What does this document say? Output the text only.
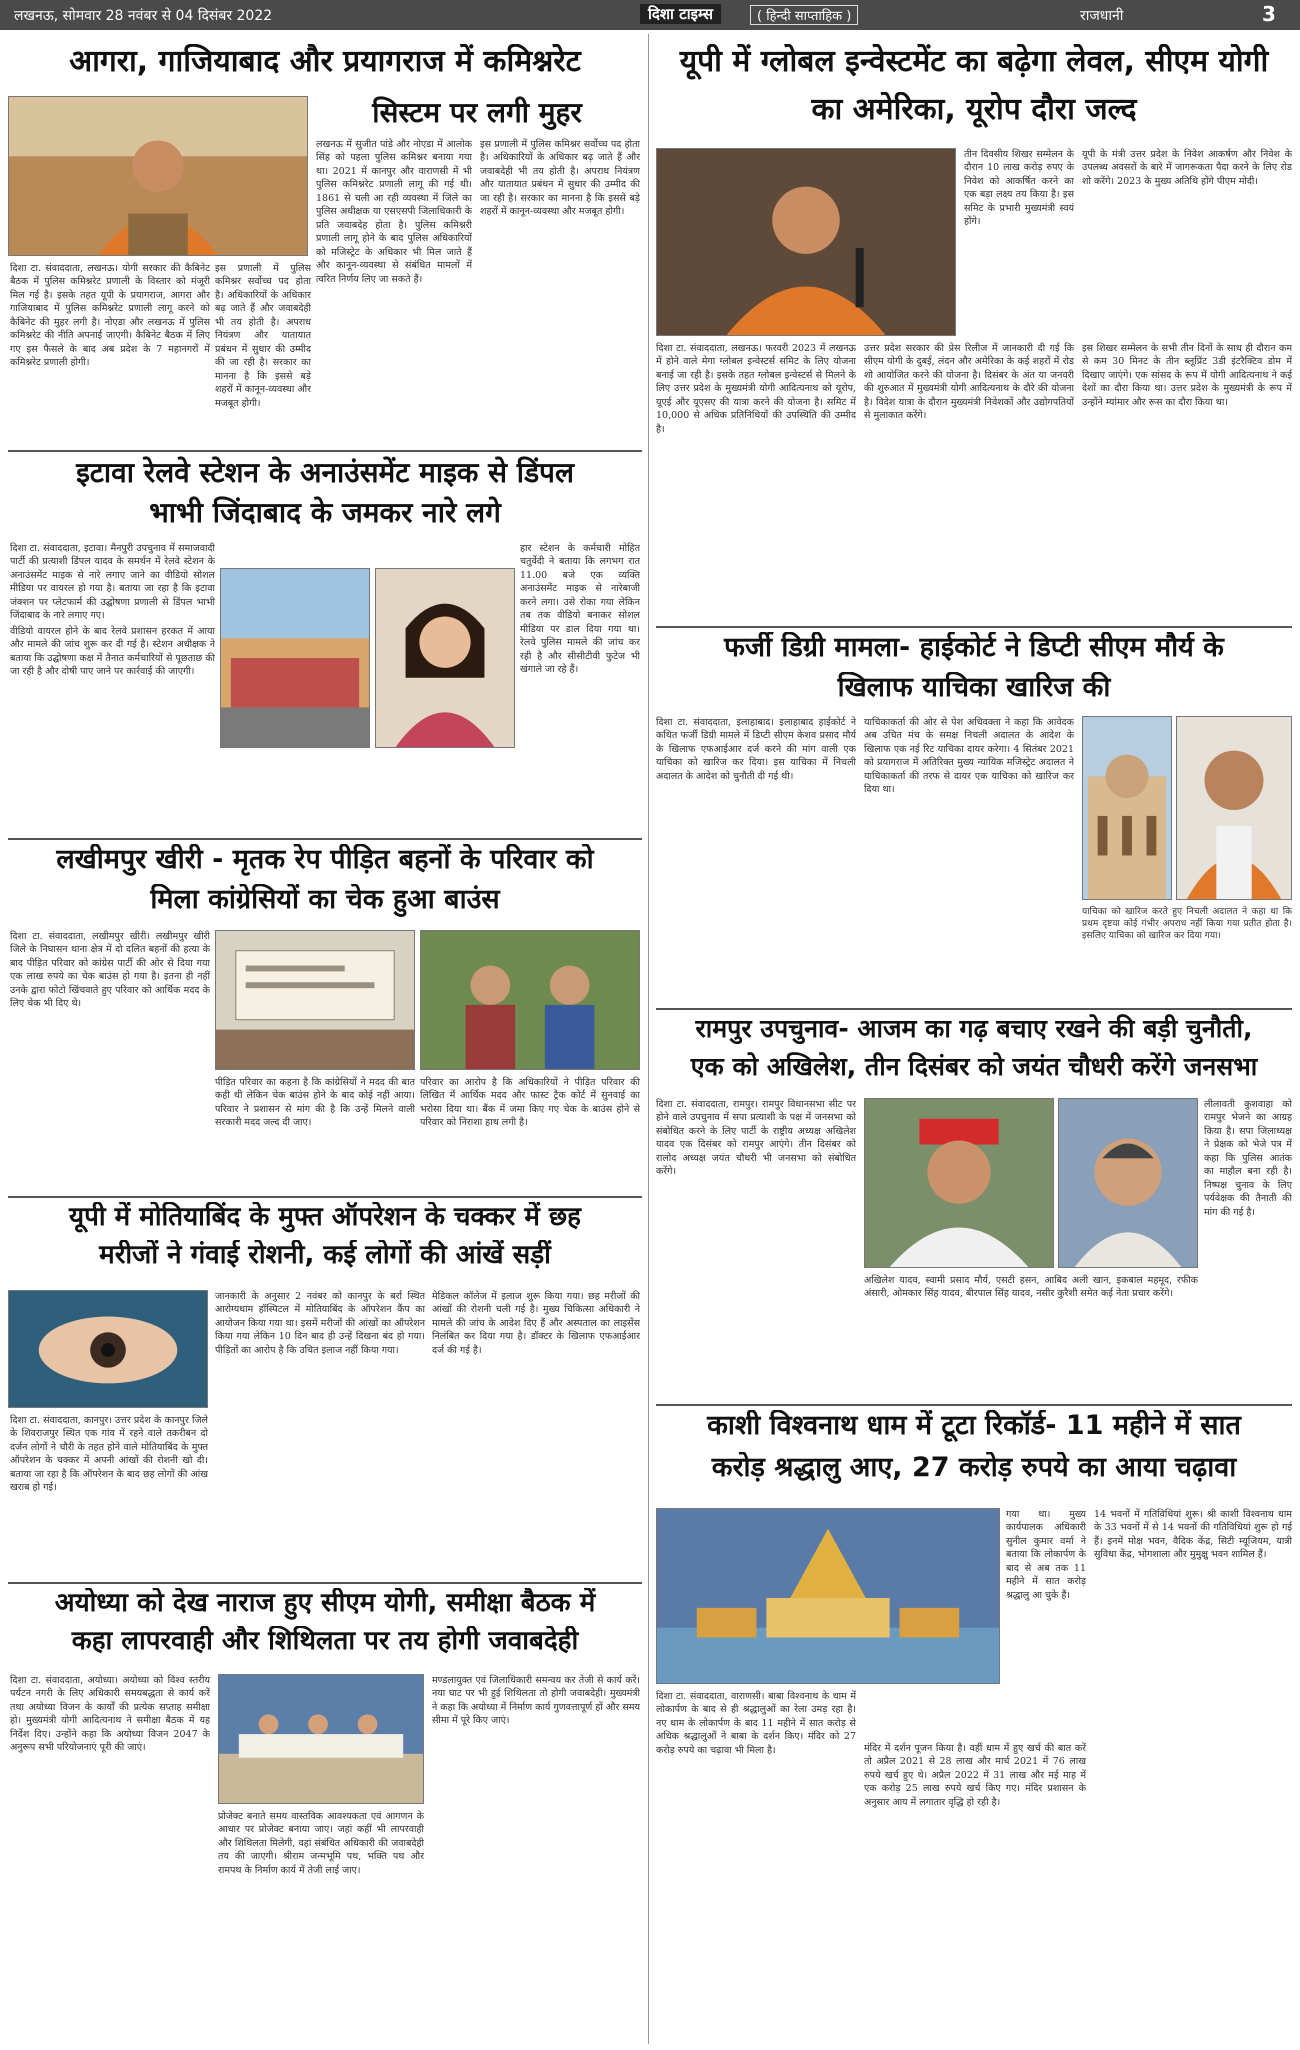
लखनऊ, सोमवार 28 नवंबर से 04 दिसंबर 2022	दिशा टाइम्स	( हिन्दी साप्ताहिक )	राजधानी	3
आगरा, गाजियाबाद और प्रयागराज में कमिश्नरेट
सिस्टम पर लगी मुहर

दिशा टा. संवाददाता, लखनऊ। योगी सरकार की कैबिनेट बैठक में पुलिस कमिश्नरेट प्रणाली के विस्तार को मंजूरी मिल गई है। इसके तहत यूपी के प्रयागराज, आगरा और गाजियाबाद में पुलिस कमिश्नरेट प्रणाली लागू करने को कैबिनेट की मुहर लगी है। नोएडा और लखनऊ में पुलिस कमिश्नरेट की नीति अपनाई जाएगी। कैबिनेट बैठक में लिए गए इस फैसले के बाद अब प्रदेश के 7 महानगरों में कमिश्नरेट प्रणाली होगी।

लखनऊ में सुजीत पांडे और नोएडा में आलोक सिंह को पहला पुलिस कमिश्नर बनाया गया था। 2021 में कानपुर और वाराणसी में भी पुलिस कमिश्नरेट प्रणाली लागू की गई थी। 1861 से चली आ रही व्यवस्था में जिले का पुलिस अधीक्षक या एसएसपी जिलाधिकारी के प्रति जवाबदेह होता है। पुलिस कमिश्नरी प्रणाली लागू होने के बाद पुलिस अधिकारियों को मजिस्ट्रेट के अधिकार भी मिल जाते हैं और कानून-व्यवस्था से संबंधित मामलों में त्वरित निर्णय लिए जा सकते हैं।

इस प्रणाली में पुलिस कमिश्नर सर्वोच्च पद होता है। अधिकारियों के अधिकार बढ़ जाते हैं और जवाबदेही भी तय होती है। अपराध नियंत्रण और यातायात प्रबंधन में सुधार की उम्मीद की जा रही है। सरकार का मानना है कि इससे बड़े शहरों में कानून-व्यवस्था और मजबूत होगी।

इस प्रणाली में पुलिस कमिश्नर सर्वोच्च पद होता है। अधिकारियों के अधिकार बढ़ जाते हैं और जवाबदेही भी तय होती है। अपराध नियंत्रण और यातायात प्रबंधन में सुधार की उम्मीद की जा रही है। सरकार का मानना है कि इससे बड़े शहरों में कानून-व्यवस्था और मजबूत होगी।

इटावा रेलवे स्टेशन के अनाउंसमेंट माइक से डिंपल
भाभी जिंदाबाद के जमकर नारे लगे

दिशा टा. संवाददाता, इटावा। मैनपुरी उपचुनाव में समाजवादी पार्टी की प्रत्याशी डिंपल यादव के समर्थन में रेलवे स्टेशन के अनाउंसमेंट माइक से नारे लगाए जाने का वीडियो सोशल मीडिया पर वायरल हो गया है। बताया जा रहा है कि इटावा जंक्शन पर प्लेटफार्म की उद्घोषणा प्रणाली से डिंपल भाभी जिंदाबाद के नारे लगाए गए।

वीडियो वायरल होने के बाद रेलवे प्रशासन हरकत में आया और मामले की जांच शुरू कर दी गई है। स्टेशन अधीक्षक ने बताया कि उद्घोषणा कक्ष में तैनात कर्मचारियों से पूछताछ की जा रही है और दोषी पाए जाने पर कार्रवाई की जाएगी।

हार स्टेशन के कर्मचारी मोहित चतुर्वेदी ने बताया कि लगभग रात 11.00 बजे एक व्यक्ति अनाउंसमेंट माइक से नारेबाजी करने लगा। उसे रोका गया लेकिन तब तक वीडियो बनाकर सोशल मीडिया पर डाल दिया गया था। रेलवे पुलिस मामले की जांच कर रही है और सीसीटीवी फुटेज भी खंगाले जा रहे हैं।

लखीमपुर खीरी - मृतक रेप पीड़ित बहनों के परिवार को
मिला कांग्रेसियों का चेक हुआ बाउंस

दिशा टा. संवाददाता, लखीमपुर खीरी। लखीमपुर खीरी जिले के निघासन थाना क्षेत्र में दो दलित बहनों की हत्या के बाद पीड़ित परिवार को कांग्रेस पार्टी की ओर से दिया गया एक लाख रुपये का चेक बाउंस हो गया है। इतना ही नहीं उनके द्वारा फोटो खिंचवाते हुए परिवार को आर्थिक मदद के लिए चेक भी दिए थे।

पीड़ित परिवार का कहना है कि कांग्रेसियों ने मदद की बात कही थी लेकिन चेक बाउंस होने के बाद कोई नहीं आया। परिवार ने प्रशासन से मांग की है कि उन्हें मिलने वाली सरकारी मदद जल्द दी जाए।

परिवार का आरोप है कि अधिकारियों ने पीड़ित परिवार की लिखित में आर्थिक मदद और फास्ट ट्रैक कोर्ट में सुनवाई का भरोसा दिया था। बैंक में जमा किए गए चेक के बाउंस होने से परिवार को निराशा हाथ लगी है।

यूपी में मोतियाबिंद के मुफ्त ऑपरेशन के चक्कर में छह
मरीजों ने गंवाई रोशनी, कई लोगों की आंखें सड़ीं

दिशा टा. संवाददाता, कानपुर। उत्तर प्रदेश के कानपुर जिले के शिवराजपुर स्थित एक गांव में रहने वाले तकरीबन दो दर्जन लोगों ने चौरी के तहत होने वाले मोतियाबिंद के मुफ्त ऑपरेशन के चक्कर में अपनी आंखों की रोशनी खो दी। बताया जा रहा है कि ऑपरेशन के बाद छह लोगों की आंख खराब हो गई।

जानकारी के अनुसार 2 नवंबर को कानपुर के बर्रा स्थित आरोग्यधाम हॉस्पिटल में मोतियाबिंद के ऑपरेशन कैंप का आयोजन किया गया था। इसमें मरीजों की आंखों का ऑपरेशन किया गया लेकिन 10 दिन बाद ही उन्हें दिखना बंद हो गया। पीड़ितों का आरोप है कि उचित इलाज नहीं किया गया।

मेडिकल कॉलेज में इलाज शुरू किया गया। छह मरीजों की आंखों की रोशनी चली गई है। मुख्य चिकित्सा अधिकारी ने मामले की जांच के आदेश दिए हैं और अस्पताल का लाइसेंस निलंबित कर दिया गया है। डॉक्टर के खिलाफ एफआईआर दर्ज की गई है।

अयोध्या को देख नाराज हुए सीएम योगी, समीक्षा बैठक में
कहा लापरवाही और शिथिलता पर तय होगी जवाबदेही

दिशा टा. संवाददाता, अयोध्या। अयोध्या को विश्व स्तरीय पर्यटन नगरी के लिए अधिकारी समयबद्धता से कार्य करें तथा अयोध्या विजन के कार्यों की प्रत्येक सप्ताह समीक्षा हो। मुख्यमंत्री योगी आदित्यनाथ ने समीक्षा बैठक में यह निर्देश दिए। उन्होंने कहा कि अयोध्या विजन 2047 के अनुरूप सभी परियोजनाएं पूरी की जाएं।

प्रोजेक्ट बनाते समय वास्तविक आवश्यकता एवं आगणन के आधार पर प्रोजेक्ट बनाया जाए। जहां कहीं भी लापरवाही और शिथिलता मिलेगी, वहां संबंधित अधिकारी की जवाबदेही तय की जाएगी। श्रीराम जन्मभूमि पथ, भक्ति पथ और रामपथ के निर्माण कार्य में तेजी लाई जाए।

मण्डलायुक्त एवं जिलाधिकारी समन्वय कर तेजी से कार्य करें। नया घाट पर भी हुई शिथिलता तो होगी जवाबदेही। मुख्यमंत्री ने कहा कि अयोध्या में निर्माण कार्य गुणवत्तापूर्ण हों और समय सीमा में पूरे किए जाएं।

यूपी में ग्लोबल इन्वेस्टमेंट का बढ़ेगा लेवल, सीएम योगी
का अमेरिका, यूरोप दौरा जल्द

तीन दिवसीय शिखर सम्मेलन के दौरान 10 लाख करोड़ रुपए के निवेश को आकर्षित करने का एक बड़ा लक्ष्य तय किया है। इस समिट के प्रभारी मुख्यमंत्री स्वयं होंगे।

यूपी के मंत्री उत्तर प्रदेश के निवेश आकर्षण और निवेश के उपलब्ध अवसरों के बारे में जागरूकता पैदा करने के लिए रोड शो करेंगे। 2023 के मुख्य अतिथि होंगे पीएम मोदी।

दिशा टा. संवाददाता, लखनऊ। फरवरी 2023 में लखनऊ में होने वाले मेगा ग्लोबल इन्वेस्टर्स समिट के लिए योजना बनाई जा रही है। इसके तहत ग्लोबल इन्वेस्टर्स से मिलने के लिए उत्तर प्रदेश के मुख्यमंत्री योगी आदित्यनाथ को यूरोप, यूएई और यूएसए की यात्रा करने की योजना है। समिट में 10,000 से अधिक प्रतिनिधियों की उपस्थिति की उम्मीद है।

उत्तर प्रदेश सरकार की प्रेस रिलीज में जानकारी दी गई कि सीएम योगी के दुबई, लंदन और अमेरिका के कई शहरों में रोड शो आयोजित करने की योजना है। दिसंबर के अंत या जनवरी की शुरुआत में मुख्यमंत्री योगी आदित्यनाथ के दौरे की योजना है। विदेश यात्रा के दौरान मुख्यमंत्री निवेशकों और उद्योगपतियों से मुलाकात करेंगे।

इस शिखर सम्मेलन के सभी तीन दिनों के साथ ही दौरान कम से कम 30 मिनट के तीन ब्लूप्रिंट 3डी इंटरैक्टिव डोम में दिखाए जाएंगे। एक सांसद के रूप में योगी आदित्यनाथ ने कई देशों का दौरा किया था। उत्तर प्रदेश के मुख्यमंत्री के रूप में उन्होंने म्यांमार और रूस का दौरा किया था।

फर्जी डिग्री मामला- हाईकोर्ट ने डिप्टी सीएम मौर्य के
खिलाफ याचिका खारिज की

दिशा टा. संवाददाता, इलाहाबाद। इलाहाबाद हाईकोर्ट ने कथित फर्जी डिग्री मामले में डिप्टी सीएम केशव प्रसाद मौर्य के खिलाफ एफआईआर दर्ज करने की मांग वाली एक याचिका को खारिज कर दिया। इस याचिका में निचली अदालत के आदेश को चुनौती दी गई थी।

याचिकाकर्ता की ओर से पेश अधिवक्ता ने कहा कि आवेदक अब उचित मंच के समक्ष निचली अदालत के आदेश के खिलाफ एक नई रिट याचिका दायर करेगा। 4 सितंबर 2021 को प्रयागराज में अतिरिक्त मुख्य न्यायिक मजिस्ट्रेट अदालत ने याचिकाकर्ता की तरफ से दायर एक याचिका को खारिज कर दिया था।

याचिका को खारिज करते हुए निचली अदालत ने कहा था कि प्रथम दृष्टया कोई गंभीर अपराध नहीं किया गया प्रतीत होता है। इसलिए याचिका को खारिज कर दिया गया।
रामपुर उपचुनाव- आजम का गढ़ बचाए रखने की बड़ी चुनौती,
एक को अखिलेश, तीन दिसंबर को जयंत चौधरी करेंगे जनसभा

दिशा टा. संवाददाता, रामपुर। रामपुर विधानसभा सीट पर होने वाले उपचुनाव में सपा प्रत्याशी के पक्ष में जनसभा को संबोधित करने के लिए पार्टी के राष्ट्रीय अध्यक्ष अखिलेश यादव एक दिसंबर को रामपुर आएंगे। तीन दिसंबर को रालोद अध्यक्ष जयंत चौधरी भी जनसभा को संबोधित करेंगे।

लीलावती कुशवाहा को रामपुर भेजने का आग्रह किया है। सपा जिलाध्यक्ष ने प्रेक्षक को भेजे पत्र में कहा कि पुलिस आतंक का माहौल बना रही है। निष्पक्ष चुनाव के लिए पर्यवेक्षक की तैनाती की मांग की गई है।

अखिलेश यादव, स्वामी प्रसाद मौर्य, एसटी हसन, आबिद अली खान, इकबाल महमूद, रफीक अंसारी, ओमकार सिंह यादव, बीरपाल सिंह यादव, नसीर कुरैशी समेत कई नेता प्रचार करेंगे।

काशी विश्वनाथ धाम में टूटा रिकॉर्ड- 11 महीने में सात
करोड़ श्रद्धालु आए, 27 करोड़ रुपये का आया चढ़ावा

गया था। मुख्य कार्यपालक अधिकारी सुनील कुमार वर्मा ने बताया कि लोकार्पण के बाद से अब तक 11 महीने में सात करोड़ श्रद्धालु आ चुके हैं।

दिशा टा. संवाददाता, वाराणसी। बाबा विश्वनाथ के धाम में लोकार्पण के बाद से ही श्रद्धालुओं का रेला उमड़ रहा है। नए धाम के लोकार्पण के बाद 11 महीने में सात करोड़ से अधिक श्रद्धालुओं ने बाबा के दर्शन किए। मंदिर को 27 करोड़ रुपये का चढ़ावा भी मिला है।	मंदिर में दर्शन पूजन किया है। वहीं धाम में हुए खर्च की बात करें तो अप्रैल 2021 से 28 लाख और मार्च 2021 में 76 लाख रुपये खर्च हुए थे। अप्रैल 2022 में 31 लाख और मई माह में एक करोड़ 25 लाख रुपये खर्च किए गए। मंदिर प्रशासन के अनुसार आय में लगातार वृद्धि हो रही है।

14 भवनों में गतिविधियां शुरू। श्री काशी विश्वनाथ धाम के 33 भवनों में से 14 भवनों की गतिविधियां शुरू हो गई हैं। इनमें मोक्ष भवन, वैदिक केंद्र, सिटी म्यूजियम, यात्री सुविधा केंद्र, भोगशाला और मुमुक्षु भवन शामिल हैं।
